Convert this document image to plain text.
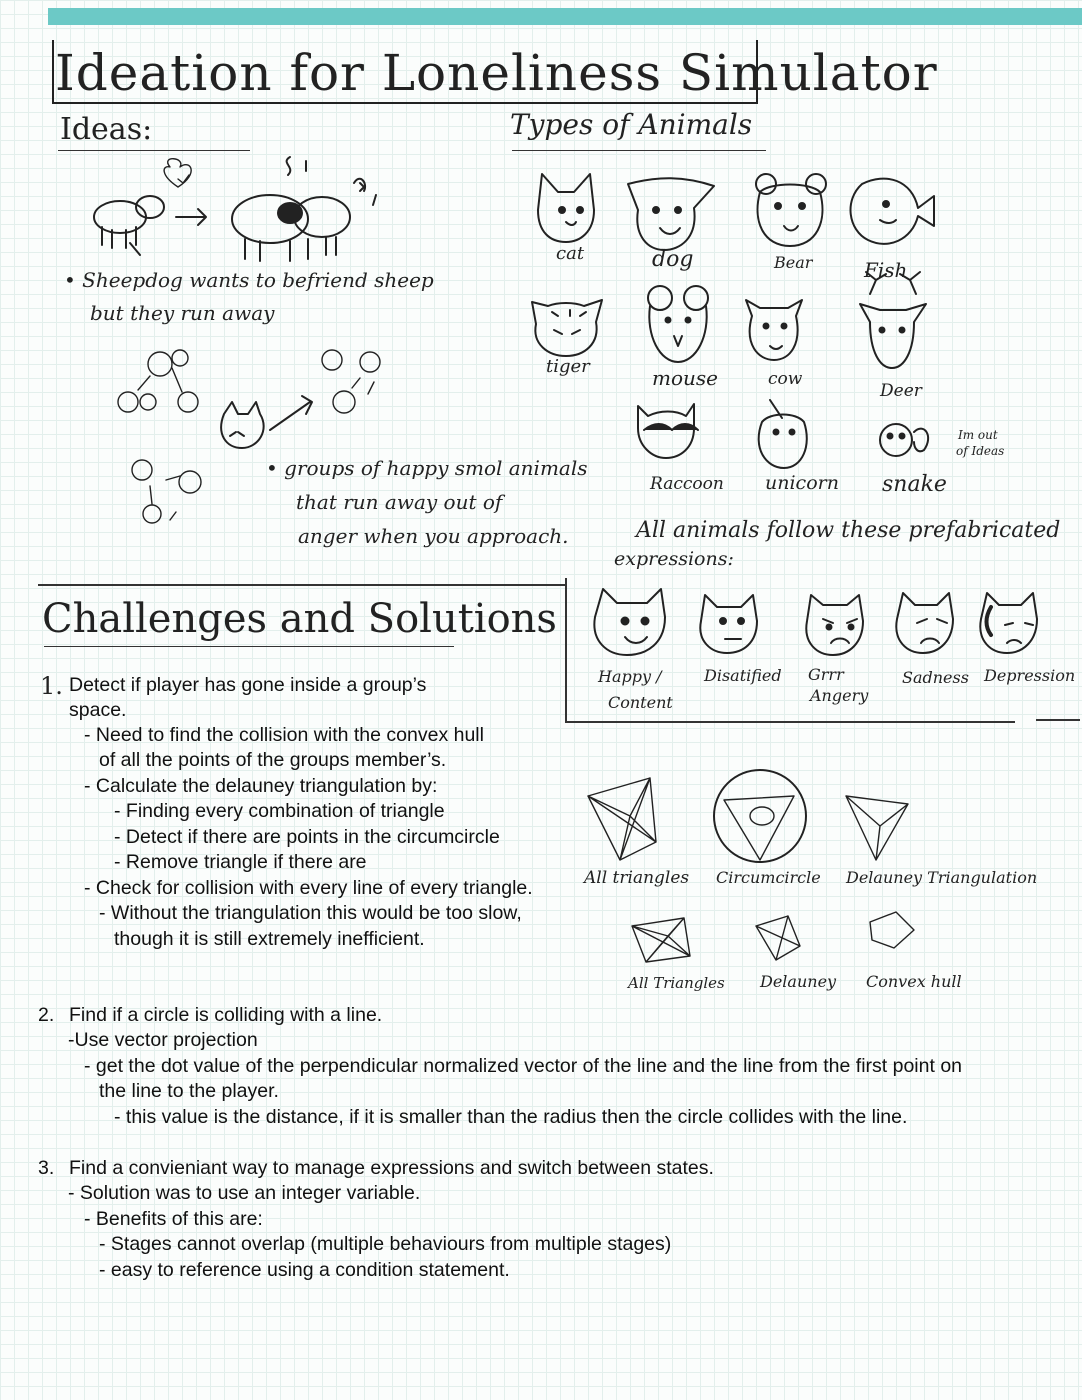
Ideation for Loneliness Simulator
Ideas:
• Sheepdog wants to befriend sheep
but they run away
• groups of happy smol animals
that run away out of
anger when you approach.
Types of Animals
cat	dog	Bear	Fish
tiger	mouse	cow
Deer
Raccoon unicorn snake
Im out
of Ideas
All animals follow these prefabricated
expressions:
Happy /
Content
Disatified Grrr
Angery
Sadness Depression
Challenges and Solutions
All triangles Circumcircle Delauney Triangulation
All Triangles Delauney Convex hull
1. Detect if player has gone inside a group’s
space.
- Need to find the collision with the convex hull
of all the points of the groups member’s.
- Calculate the delauney triangulation by:
- Finding every combination of triangle
- Detect if there are points in the circumcircle
- Remove triangle if there are
- Check for collision with every line of every triangle.
- Without the triangulation this would be too slow,
though it is still extremely inefficient.
2. Find if a circle is colliding with a line.
-Use vector projection
- get the dot value of the perpendicular normalized vector of the line and the line from the first point on
the line to the player.
- this value is the distance, if it is smaller than the radius then the circle collides with the line.
3. Find a convieniant way to manage expressions and switch between states.
- Solution was to use an integer variable.
- Benefits of this are:
- Stages cannot overlap (multiple behaviours from multiple stages)
- easy to reference using a condition statement.
